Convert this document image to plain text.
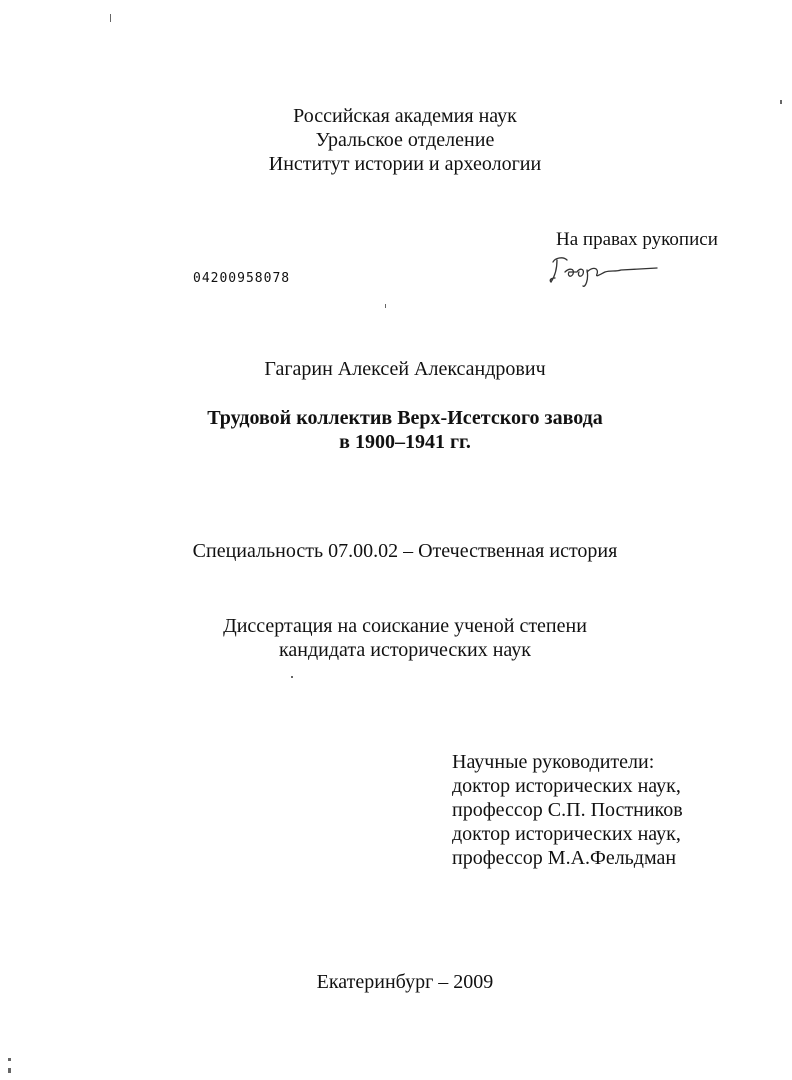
Российская академия наук
Уральское отделение
Институт истории и археологии
На правах рукописи
04200958078
Гагарин Алексей Александрович
Трудовой коллектив Верх-Исетского завода
в 1900–1941 гг.
Специальность 07.00.02 – Отечественная история
Диссертация на соискание ученой степени
кандидата исторических наук
Научные руководители:
доктор исторических наук,
профессор С.П. Постников
доктор исторических наук,
профессор М.А.Фельдман
Екатеринбург – 2009
